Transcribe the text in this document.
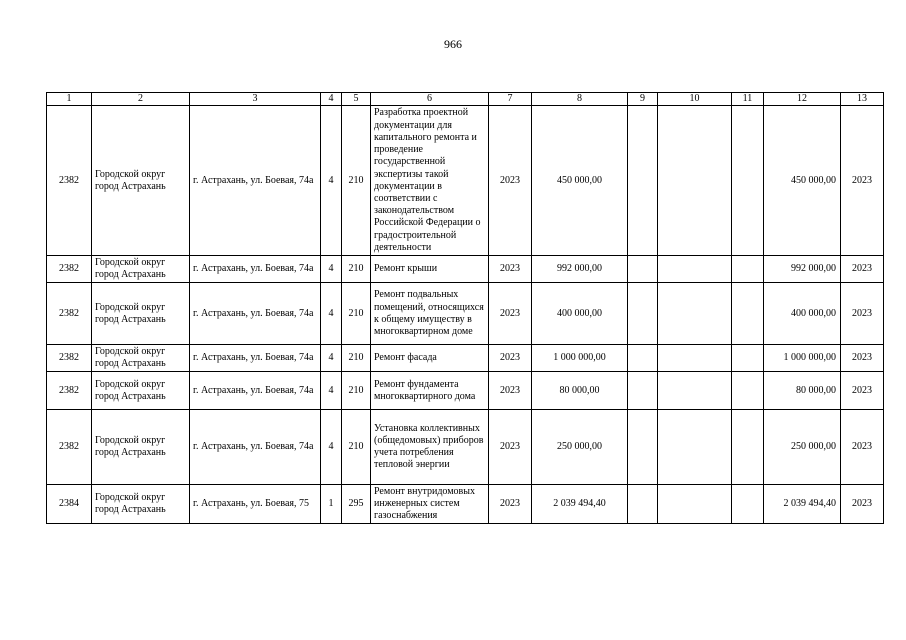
966
1	2	3	4	5	6	7	8	9	10	11	12	13
2382	Городской округ город Астрахань	г. Астрахань, ул. Боевая, 74а	4	210	Разработка проектной документации для капитального ремонта и проведение государственной экспертизы такой документации в соответствии с законодательством Российской Федерации о градостроительной деятельности	2023	450 000,00				450 000,00	2023
2382	Городской округ город Астрахань	г. Астрахань, ул. Боевая, 74а	4	210	Ремонт крыши	2023	992 000,00				992 000,00	2023
2382	Городской округ город Астрахань	г. Астрахань, ул. Боевая, 74а	4	210	Ремонт подвальных помещений, относящихся к общему имуществу в многоквартирном доме	2023	400 000,00				400 000,00	2023
2382	Городской округ город Астрахань	г. Астрахань, ул. Боевая, 74а	4	210	Ремонт фасада	2023	1 000 000,00				1 000 000,00	2023
2382	Городской округ город Астрахань	г. Астрахань, ул. Боевая, 74а	4	210	Ремонт фундамента многоквартирного дома	2023	80 000,00				80 000,00	2023
2382	Городской округ город Астрахань	г. Астрахань, ул. Боевая, 74а	4	210	Установка коллективных (общедомовых) приборов учета потребления тепловой энергии	2023	250 000,00				250 000,00	2023
2384	Городской округ город Астрахань	г. Астрахань, ул. Боевая, 75	1	295	Ремонт внутридомовых инженерных систем газоснабжения	2023	2 039 494,40				2 039 494,40	2023
